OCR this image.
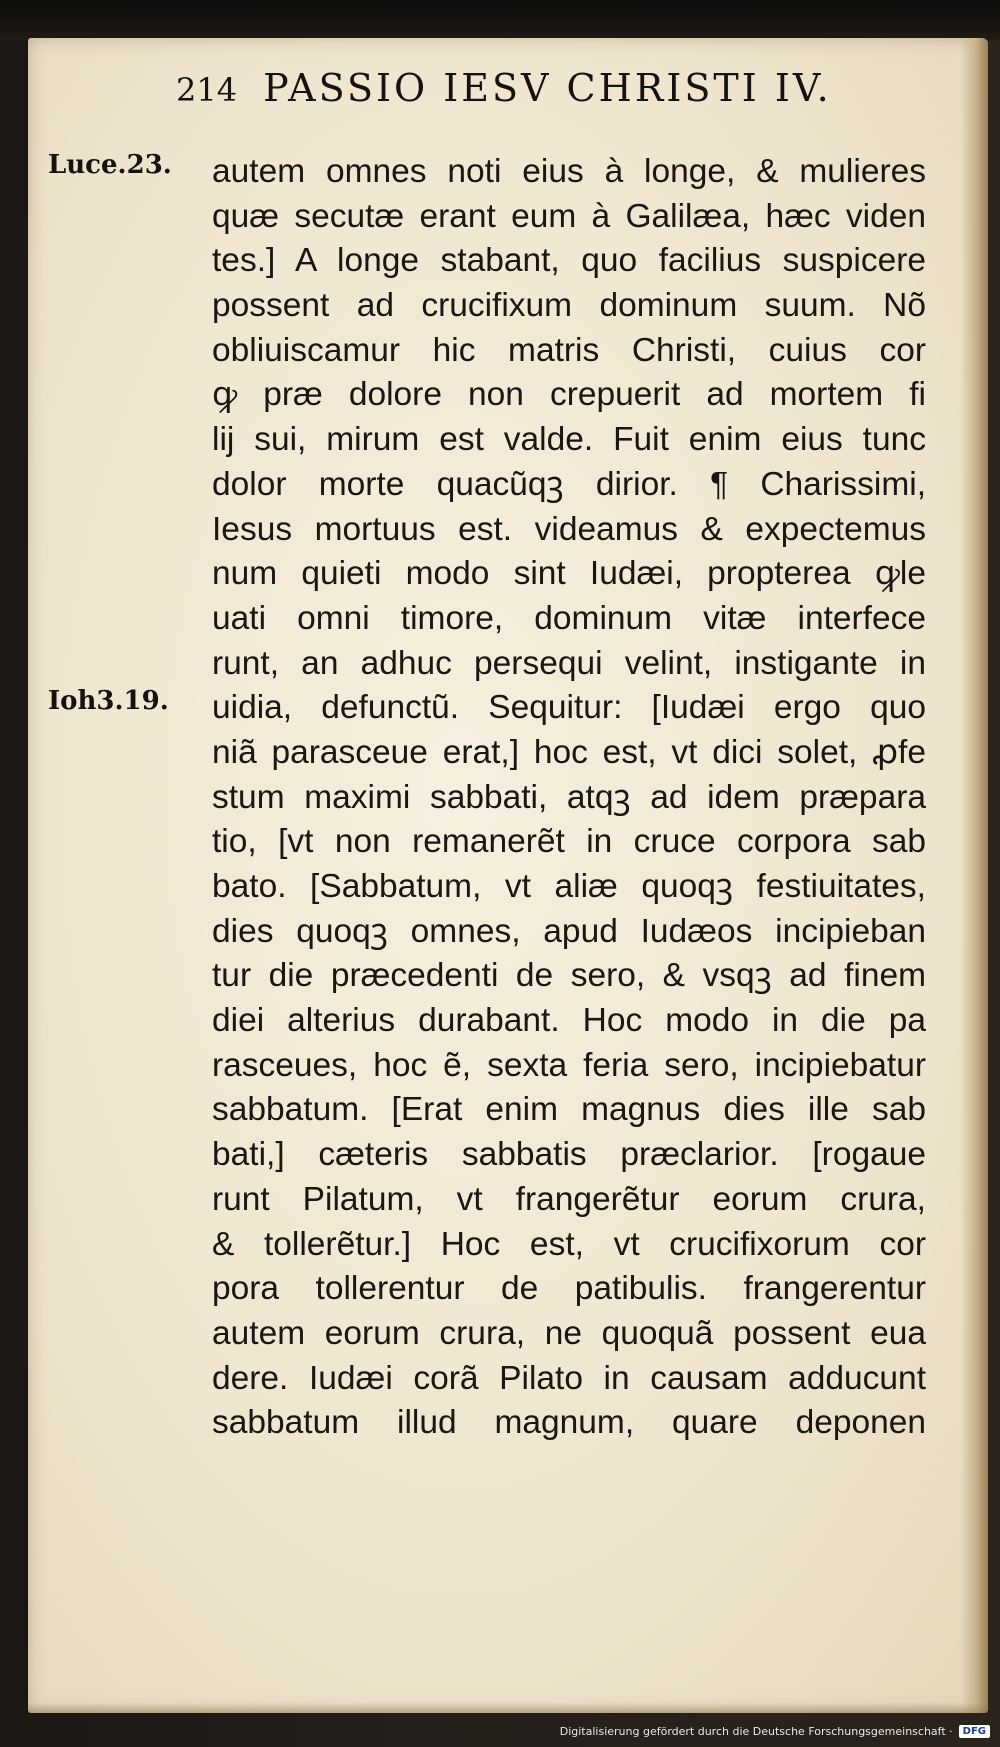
214 PASSIO IESV CHRISTI IV.
Luce.23.
Ioh3.19.
autem omnes noti eius à longe, & mulieres
quæ secutæ erant eum à Galilæa, hæc viden
tes.] A longe stabant, quo facilius suspicere
possent ad crucifixum dominum suum. Nõ
obliuiscamur hic matris Christi, cuius cor
ꝙ præ dolore non crepuerit ad mortem fi
lij sui, mirum est valde. Fuit enim eius tunc
dolor morte quacũqꝫ dirior. ¶ Charissimi,
Iesus mortuus est. videamus & expectemus
num quieti modo sint Iudæi, propterea ꝙle
uati omni timore, dominum vitæ interfece
runt, an adhuc persequi velint, instigante in
uidia, defunctũ. Sequitur: [Iudæi ergo quo
niã parasceue erat,] hoc est, vt dici solet, ꝓfe
stum maximi sabbati, atqꝫ ad idem præpara
tio, [vt non remanerẽt in cruce corpora sab
bato. [Sabbatum, vt aliæ quoqꝫ festiuitates,
dies quoqꝫ omnes, apud Iudæos incipieban
tur die præcedenti de sero, & vsqꝫ ad finem
diei alterius durabant. Hoc modo in die pa
rasceues, hoc ẽ, sexta feria sero, incipiebatur
sabbatum. [Erat enim magnus dies ille sab
bati,] cæteris sabbatis præclarior. [rogaue
runt Pilatum, vt frangerẽtur eorum crura,
& tollerẽtur.] Hoc est, vt crucifixorum cor
pora tollerentur de patibulis. frangerentur
autem eorum crura, ne quoquã possent eua
dere. Iudæi corã Pilato in causam adducunt
sabbatum illud magnum, quare deponen
Digitalisierung gefördert durch die Deutsche Forschungsgemeinschaft ·	DFG
